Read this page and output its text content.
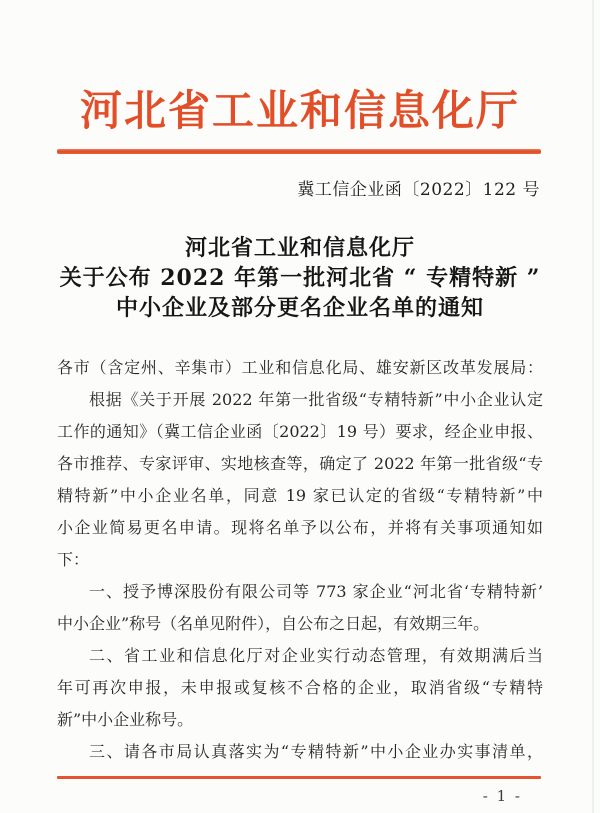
河北省工业和信息化厅
冀工信企业函〔2022〕122 号
河北省工业和信息化厅
关于公布 2022 年第一批河北省 “ 专精特新 ”
中小企业及部分更名企业名单的通知
各市（含定州、辛集市）工业和信息化局、雄安新区改革发展局：
根据《关于开展 2022 年第一批省级“专精特新”中小企业认定
工作的通知》（冀工信企业函〔2022〕19 号）要求，经企业申报、
各市推荐、专家评审、实地核查等，确定了 2022 年第一批省级“专
精特新”中小企业名单，同意 19 家已认定的省级“专精特新”中
小企业简易更名申请。现将名单予以公布，并将有关事项通知如
下：
一、授予博深股份有限公司等 773 家企业“河北省‘专精特新’
中小企业”称号（名单见附件），自公布之日起，有效期三年。
二、省工业和信息化厅对企业实行动态管理，有效期满后当
年可再次申报，未申报或复核不合格的企业，取消省级“专精特
新”中小企业称号。
三、请各市局认真落实为“专精特新”中小企业办实事清单，
- 1 -
